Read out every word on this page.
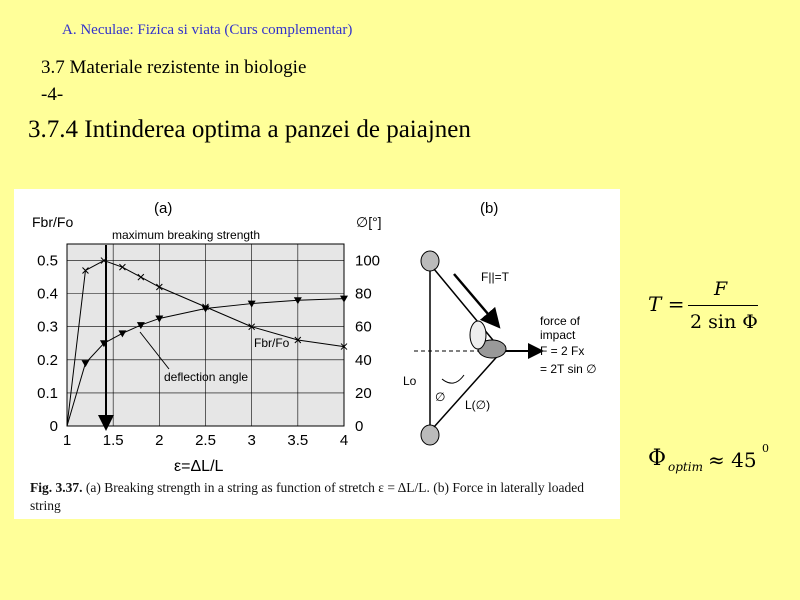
A. Neculae: Fizica si viata (Curs complementar)
3.7 Materiale rezistente in biologie
-4-
3.7.4 Intinderea optima a panzei de paiajnen
(a)	(b)
Fbr/Fo	∅[°]
ε=ΔL/L
1 1.5 2 2.5 3 3.5 4
0
0.1
0.2
0.3
0.4
0.5
0
20
40
60
80
100
maximum breaking strength
Fbr/Fo
deflection angle
F||=T
force of
impact
F = 2 Fx
= 2T sin ∅
Lo
∅
L(∅)
Fig. 3.37. (a) Breaking strength in a string as function of stretch ε = ΔL/L. (b) Force in laterally loaded string
T =
F
2 sin Φ
Φ optim ≈ 45 0
